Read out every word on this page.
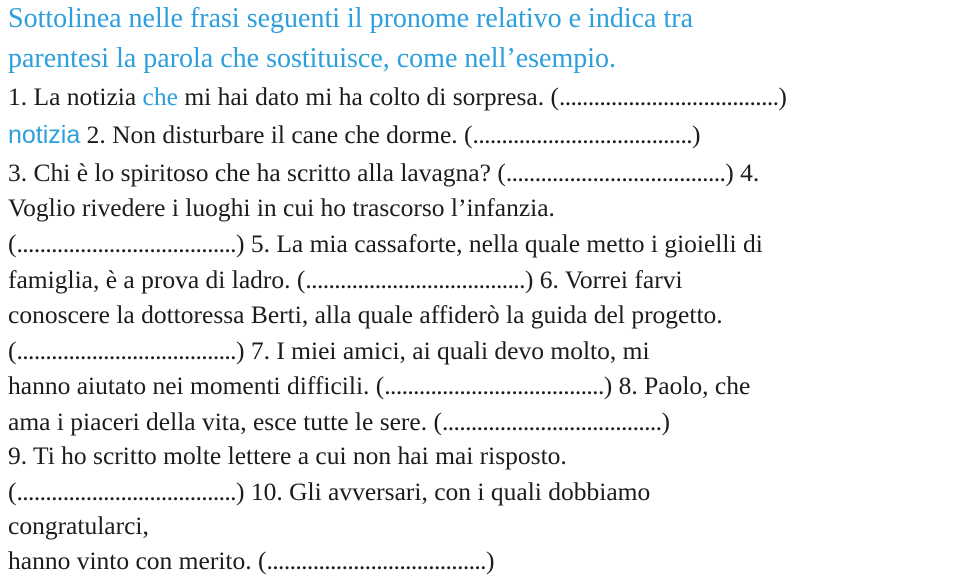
Sottolinea nelle frasi seguenti il pronome relativo e indica tra
parentesi la parola che sostituisce, come nell’esempio.
1. La notizia che mi hai dato mi ha colto di sorpresa. (......................................)
notizia 2. Non disturbare il cane che dorme. (......................................)
3. Chi è lo spiritoso che ha scritto alla lavagna? (......................................) 4.
Voglio rivedere i luoghi in cui ho trascorso l’infanzia.
(......................................) 5. La mia cassaforte, nella quale metto i gioielli di
famiglia, è a prova di ladro. (......................................) 6. Vorrei farvi
conoscere la dottoressa Berti, alla quale affiderò la guida del progetto.
(......................................) 7. I miei amici, ai quali devo molto, mi
hanno aiutato nei momenti difficili. (......................................) 8. Paolo, che
ama i piaceri della vita, esce tutte le sere. (......................................)
9. Ti ho scritto molte lettere a cui non hai mai risposto.
(......................................) 10. Gli avversari, con i quali dobbiamo
congratularci,
hanno vinto con merito. (......................................)
